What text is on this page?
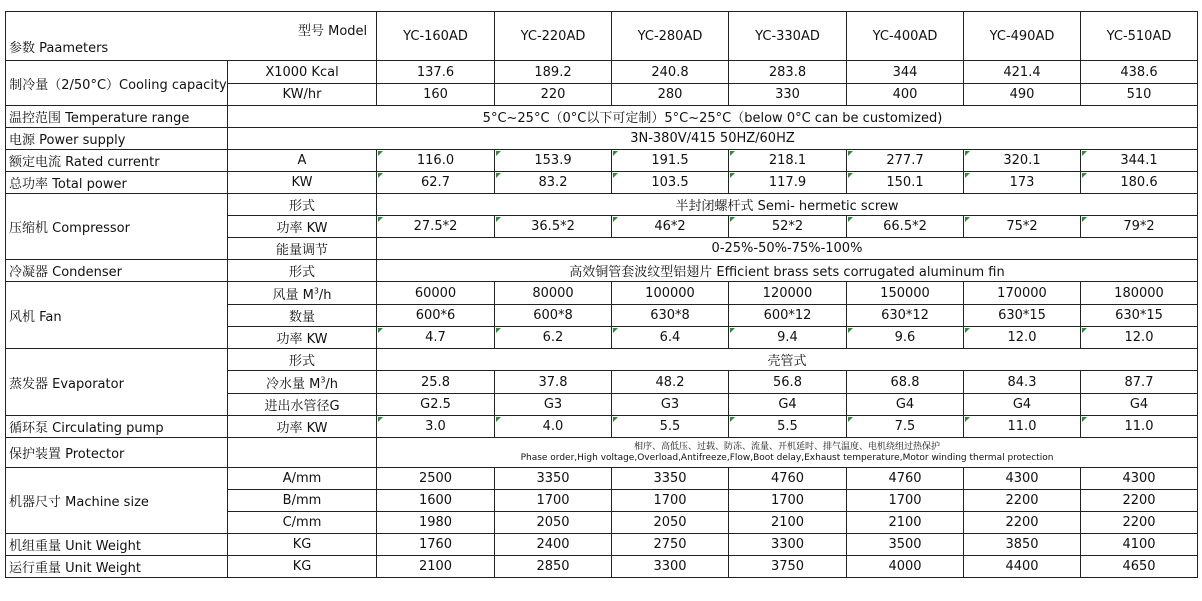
型号 Model
参数 Paameters		YC-160AD	YC-220AD	YC-280AD	YC-330AD	YC-400AD	YC-490AD	YC-510AD
制冷量（2/50°C）Cooling capacity	X1000 Kcal	137.6	189.2	240.8	283.8	344	421.4	438.6
	KW/hr	160	220	280	330	400	490	510
温控范围 Temperature range	5°C~25°C（0°C以下可定制）5°C~25°C（below 0°C can be customized)							
电源 Power supply	3N-380V/415 50HZ/60HZ							
额定电流 Rated currentr	A	116.0	153.9	191.5	218.1	277.7	320.1	344.1
总功率 Total power	KW	62.7	83.2	103.5	117.9	150.1	173	180.6
压缩机 Compressor	形式	半封闭螺杆式 Semi- hermetic screw						
	功率 KW	27.5*2	36.5*2	46*2	52*2	66.5*2	75*2	79*2
	能量调节	0-25%-50%-75%-100%						
冷凝器 Condenser	形式	高效铜管套波纹型铝翅片 Efficient brass sets corrugated aluminum fin						
风机 Fan	风量 $M^3/h$	60000	80000	100000	120000	150000	170000	180000
	数量	600*6	600*8	630*8	600*12	630*12	630*15	630*15
	功率 KW	4.7	6.2	6.4	9.4	9.6	12.0	12.0
蒸发器 Evaporator	形式	壳管式						
	冷水量 $M^3/h$	25.8	37.8	48.2	56.8	68.8	84.3	87.7
	进出水管径G	G2.5	G3	G3	G4	G4	G4	G4
循环泵 Circulating pump	功率 KW	3.0	4.0	5.5	5.5	7.5	11.0	11.0
保护装置 Protector		相序、高低压、过载、防冻、流量、开机延时、排气温度、电机绕组过热保护
Phase order,High voltage,Overload,Antifreeze,Flow,Boot delay,Exhaust temperature,Motor winding thermal protection						

机器尺寸 Machine size	A/mm	2500	3350	3350	4760	4760	4300	4300
	B/mm	1600	1700	1700	1700	1700	2200	2200
	C/mm	1980	2050	2050	2100	2100	2200	2200
机组重量 Unit Weight	KG	1760	2400	2750	3300	3500	3850	4100
运行重量 Unit Weight	KG	2100	2850	3300	3750	4000	4400	4650
